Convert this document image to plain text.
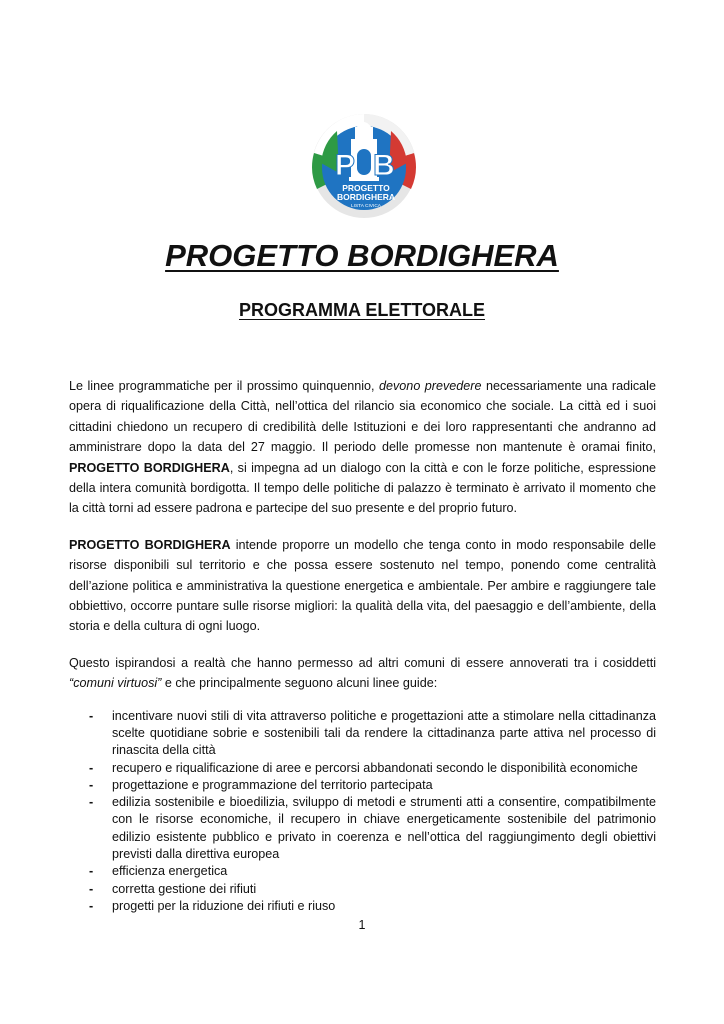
P B
PROGETTO
BORDIGHERA
LISTA CIVICA
PROGETTO BORDIGHERA
PROGRAMMA ELETTORALE

Le linee programmatiche per il prossimo quinquennio, devono prevedere necessariamente una radicale opera di riqualificazione della Città, nell’ottica del rilancio sia economico che sociale. La città ed i suoi cittadini chiedono un recupero di credibilità delle Istituzioni e dei loro rappresentanti che andranno ad amministrare dopo la data del 27 maggio. Il periodo delle promesse non mantenute è oramai finito, PROGETTO BORDIGHERA, si impegna ad un dialogo con la città e con le forze politiche, espressione della intera comunità bordigotta. Il tempo delle politiche di palazzo è terminato è arrivato il momento che la città torni ad essere padrona e partecipe del suo presente e del proprio futuro.

PROGETTO BORDIGHERA intende proporre un modello che tenga conto in modo responsabile delle risorse disponibili sul territorio e che possa essere sostenuto nel tempo, ponendo come centralità dell’azione politica e amministrativa la questione energetica e ambientale. Per ambire e raggiungere tale obbiettivo, occorre puntare sulle risorse migliori: la qualità della vita, del paesaggio e dell’ambiente, della storia e della cultura di ogni luogo.

Questo ispirandosi a realtà che hanno permesso ad altri comuni di essere annoverati tra i cosiddetti “comuni virtuosi” e che principalmente seguono alcuni linee guide:

- incentivare nuovi stili di vita attraverso politiche e progettazioni atte a stimolare nella cittadinanza scelte quotidiane sobrie e sostenibili tali da rendere la cittadinanza parte attiva nel processo di rinascita della città
- recupero e riqualificazione di aree e percorsi abbandonati secondo le disponibilità economiche
- progettazione e programmazione del territorio partecipata
- edilizia sostenibile e bioedilizia, sviluppo di metodi e strumenti atti a consentire, compatibilmente con le risorse economiche, il recupero in chiave energeticamente sostenibile del patrimonio edilizio esistente pubblico e privato in coerenza e nell’ottica del raggiungimento degli obiettivi previsti dalla direttiva europea
- efficienza energetica
- corretta gestione dei rifiuti
- progetti per la riduzione dei rifiuti e riuso
1
